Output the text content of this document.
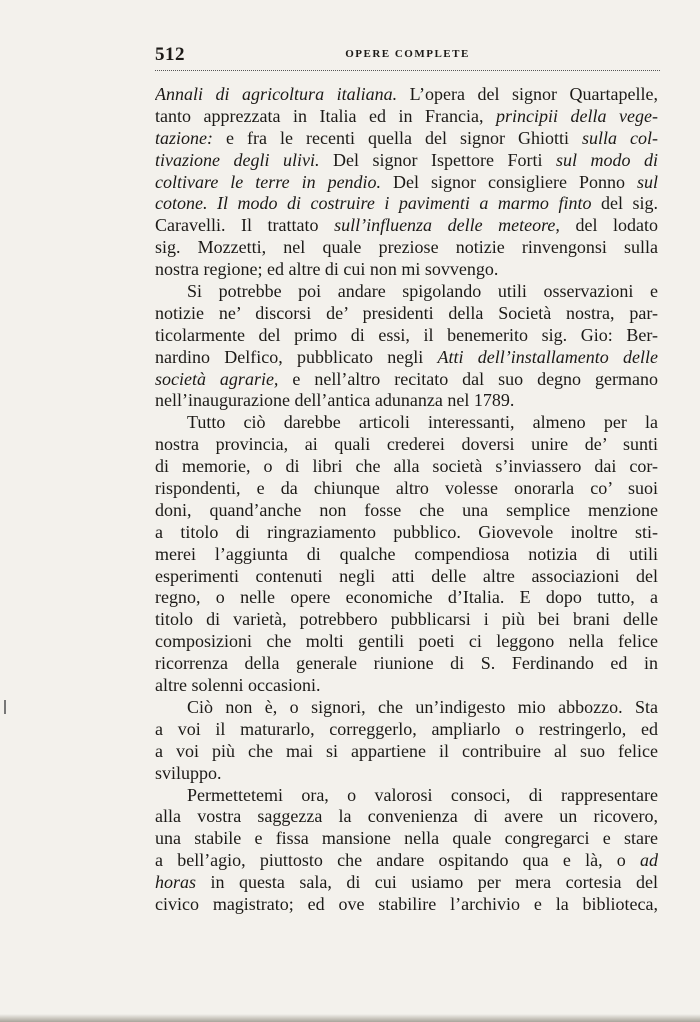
512	OPERE COMPLETE
Annali di agricoltura italiana. L’opera del signor Quartapelle,
tanto apprezzata in Italia ed in Francia, principii della vege-
tazione: e fra le recenti quella del signor Ghiotti sulla col-
tivazione degli ulivi. Del signor Ispettore Forti sul modo di
coltivare le terre in pendio. Del signor consigliere Ponno sul
cotone. Il modo di costruire i pavimenti a marmo finto del sig.
Caravelli. Il trattato sull’influenza delle meteore, del lodato
sig. Mozzetti, nel quale preziose notizie rinvengonsi sulla
nostra regione; ed altre di cui non mi sovvengo.
Si potrebbe poi andare spigolando utili osservazioni e
notizie ne’ discorsi de’ presidenti della Società nostra, par-
ticolarmente del primo di essi, il benemerito sig. Gio: Ber-
nardino Delfico, pubblicato negli Atti dell’installamento delle
società agrarie, e nell’altro recitato dal suo degno germano
nell’inaugurazione dell’antica adunanza nel 1789.
Tutto ciò darebbe articoli interessanti, almeno per la
nostra provincia, ai quali crederei doversi unire de’ sunti
di memorie, o di libri che alla società s’inviassero dai cor-
rispondenti, e da chiunque altro volesse onorarla co’ suoi
doni, quand’anche non fosse che una semplice menzione
a titolo di ringraziamento pubblico. Giovevole inoltre sti-
merei l’aggiunta di qualche compendiosa notizia di utili
esperimenti contenuti negli atti delle altre associazioni del
regno, o nelle opere economiche d’Italia. E dopo tutto, a
titolo di varietà, potrebbero pubblicarsi i più bei brani delle
composizioni che molti gentili poeti ci leggono nella felice
ricorrenza della generale riunione di S. Ferdinando ed in
altre solenni occasioni.
Ciò non è, o signori, che un’indigesto mio abbozzo. Sta
a voi il maturarlo, correggerlo, ampliarlo o restringerlo, ed
a voi più che mai si appartiene il contribuire al suo felice
sviluppo.
Permettetemi ora, o valorosi consoci, di rappresentare
alla vostra saggezza la convenienza di avere un ricovero,
una stabile e fissa mansione nella quale congregarci e stare
a bell’agio, piuttosto che andare ospitando qua e là, o ad
horas in questa sala, di cui usiamo per mera cortesia del
civico magistrato; ed ove stabilire l’archivio e la biblioteca,
